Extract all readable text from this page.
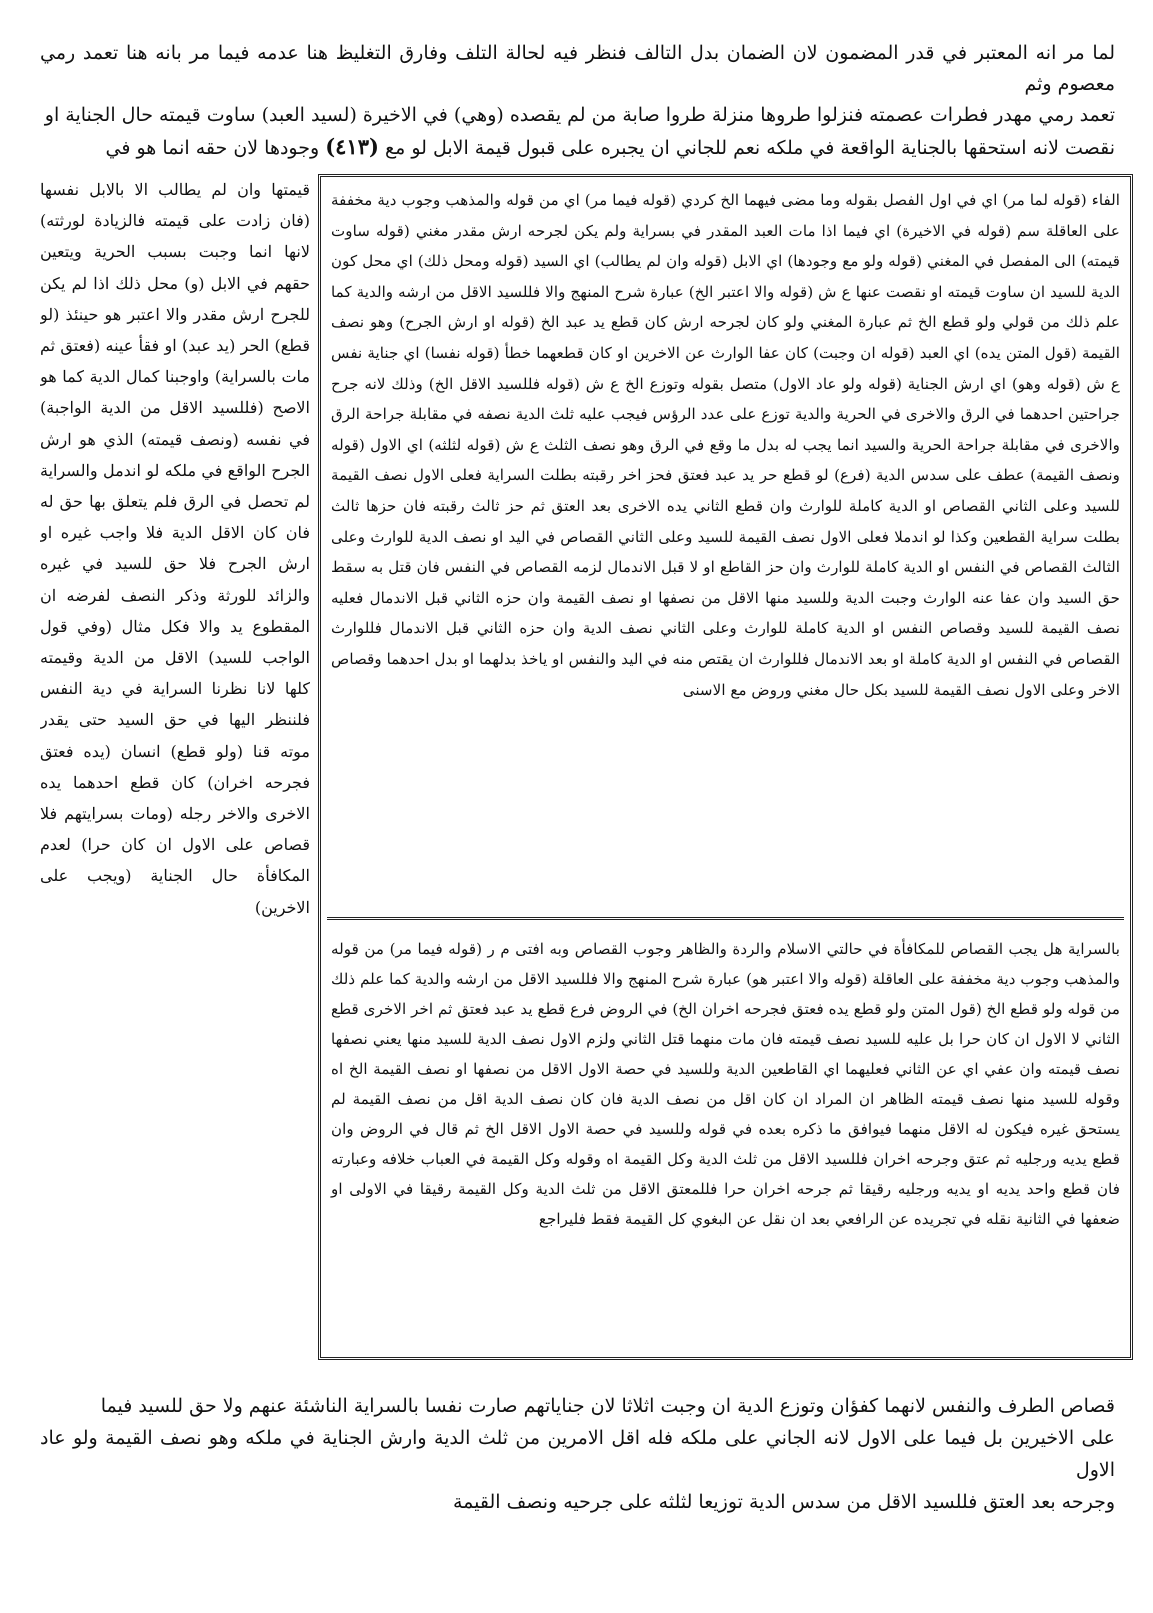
لما مر انه المعتبر في قدر المضمون لان الضمان بدل التالف فنظر فيه لحالة التلف وفارق التغليظ هنا عدمه فيما مر بانه هنا تعمد رمي معصوم وثم

تعمد رمي مهدر فطرات عصمته فنزلوا طروها منزلة طروا صابة من لم يقصده (وهي) في الاخيرة (لسيد العبد) ساوت قيمته حال الجناية او

نقصت لانه استحقها بالجناية الواقعة في ملكه نعم للجاني ان يجبره على قبول قيمة الابل لو مع (٤١٣) وجودها لان حقه انما هو في

الفاء (قوله لما مر) اي في اول الفصل بقوله وما مضى فيهما الخ كردي (قوله فيما مر) اي من قوله والمذهب وجوب دية مخففة على العاقلة سم (قوله في الاخيرة) اي فيما اذا مات العبد المقدر في بسراية ولم يكن لجرحه ارش مقدر مغني (قوله ساوت قيمته) الى المفصل في المغني (قوله ولو مع وجودها) اي الابل (قوله وان لم يطالب) اي السيد (قوله ومحل ذلك) اي محل كون الدية للسيد ان ساوت قيمته او نقصت عنها ع ش (قوله والا اعتبر الخ) عبارة شرح المنهج والا فللسيد الاقل من ارشه والدية كما علم ذلك من قولي ولو قطع الخ ثم عبارة المغني ولو كان لجرحه ارش كان قطع يد عبد الخ (قوله او ارش الجرح) وهو نصف القيمة (قول المتن يده) اي العبد (قوله ان وجبت) كان عفا الوارث عن الاخرين او كان قطعهما خطأ (قوله نفسا) اي جناية نفس ع ش (قوله وهو) اي ارش الجناية (قوله ولو عاد الاول) متصل بقوله وتوزع الخ ع ش (قوله فللسيد الاقل الخ) وذلك لانه جرح جراحتين احدهما في الرق والاخرى في الحرية والدية توزع على عدد الرؤس فيجب عليه ثلث الدية نصفه في مقابلة جراحة الرق والاخرى في مقابلة جراحة الحرية والسيد انما يجب له بدل ما وقع في الرق وهو نصف الثلث ع ش (قوله لثلثه) اي الاول (قوله ونصف القيمة) عطف على سدس الدية (فرع) لو قطع حر يد عبد فعتق فحز اخر رقبته بطلت السراية فعلى الاول نصف القيمة للسيد وعلى الثاني القصاص او الدية كاملة للوارث وان قطع الثاني يده الاخرى بعد العتق ثم حز ثالث رقبته فان حزها ثالث بطلت سراية القطعين وكذا لو اندملا فعلى الاول نصف القيمة للسيد وعلى الثاني القصاص في اليد او نصف الدية للوارث وعلى الثالث القصاص في النفس او الدية كاملة للوارث وان حز القاطع او لا قبل الاندمال لزمه القصاص في النفس فان قتل به سقط حق السيد وان عفا عنه الوارث وجبت الدية وللسيد منها الاقل من نصفها او نصف القيمة وان حزه الثاني قبل الاندمال فعليه نصف القيمة للسيد وقصاص النفس او الدية كاملة للوارث وعلى الثاني نصف الدية وان حزه الثاني قبل الاندمال فللوارث القصاص في النفس او الدية كاملة او بعد الاندمال فللوارث ان يقتص منه في اليد والنفس او ياخذ بدلهما او بدل احدهما وقصاص الاخر وعلى الاول نصف القيمة للسيد بكل حال مغني وروض مع الاسنى

بالسراية هل يجب القصاص للمكافأة في حالتي الاسلام والردة والظاهر وجوب القصاص وبه افتى م ر (قوله فيما مر) من قوله والمذهب وجوب دية مخففة على العاقلة (قوله والا اعتبر هو) عبارة شرح المنهج والا فللسيد الاقل من ارشه والدية كما علم ذلك من قوله ولو قطع الخ (قول المتن ولو قطع يده فعتق فجرحه اخران الخ) في الروض فرع قطع يد عبد فعتق ثم اخر الاخرى قطع الثاني لا الاول ان كان حرا بل عليه للسيد نصف قيمته فان مات منهما قتل الثاني ولزم الاول نصف الدية للسيد منها يعني نصفها نصف قيمته وان عفي اي عن الثاني فعليهما اي القاطعين الدية وللسيد في حصة الاول الاقل من نصفها او نصف القيمة الخ اه وقوله للسيد منها نصف قيمته الظاهر ان المراد ان كان اقل من نصف الدية فان كان نصف الدية اقل من نصف القيمة لم يستحق غيره فيكون له الاقل منهما فيوافق ما ذكره بعده في قوله وللسيد في حصة الاول الاقل الخ ثم قال في الروض وان قطع يديه ورجليه ثم عتق وجرحه اخران فللسيد الاقل من ثلث الدية وكل القيمة اه وقوله وكل القيمة في العباب خلافه وعبارته فان قطع واحد يديه او يديه ورجليه رقيقا ثم جرحه اخران حرا فللمعتق الاقل من ثلث الدية وكل القيمة رقيقا في الاولى او ضعفها في الثانية نقله في تجريده عن الرافعي بعد ان نقل عن البغوي كل القيمة فقط فليراجع

قيمتها وان لم يطالب الا بالابل نفسها (فان زادت على قيمته فالزيادة لورثته) لانها انما وجبت بسبب الحرية ويتعين حقهم في الابل (و) محل ذلك اذا لم يكن للجرح ارش مقدر والا اعتبر هو حينئذ (لو قطع) الحر (يد عبد) او فقأ عينه (فعتق ثم مات بالسراية) واوجبنا كمال الدية كما هو الاصح (فللسيد الاقل من الدية الواجبة) في نفسه (ونصف قيمته) الذي هو ارش الجرح الواقع في ملكه لو اندمل والسراية لم تحصل في الرق فلم يتعلق بها حق له فان كان الاقل الدية فلا واجب غيره او ارش الجرح فلا حق للسيد في غيره والزائد للورثة وذكر النصف لفرضه ان المقطوع يد والا فكل مثال (وفي قول الواجب للسيد) الاقل من الدية وقيمته كلها لانا نظرنا السراية في دية النفس فلننظر اليها في حق السيد حتى يقدر موته قنا (ولو قطع) انسان (يده فعتق فجرحه اخران) كان قطع احدهما يده الاخرى والاخر رجله (ومات بسرايتهم فلا قصاص على الاول ان كان حرا) لعدم المكافأة حال الجناية (ويجب على الاخرين)

قصاص الطرف والنفس لانهما كفؤان وتوزع الدية ان وجبت اثلاثا لان جناياتهم صارت نفسا بالسراية الناشئة عنهم ولا حق للسيد فيما

على الاخيرين بل فيما على الاول لانه الجاني على ملكه فله اقل الامرين من ثلث الدية وارش الجناية في ملكه وهو نصف القيمة ولو عاد الاول

وجرحه بعد العتق فللسيد الاقل من سدس الدية توزيعا لثلثه على جرحيه ونصف القيمة
